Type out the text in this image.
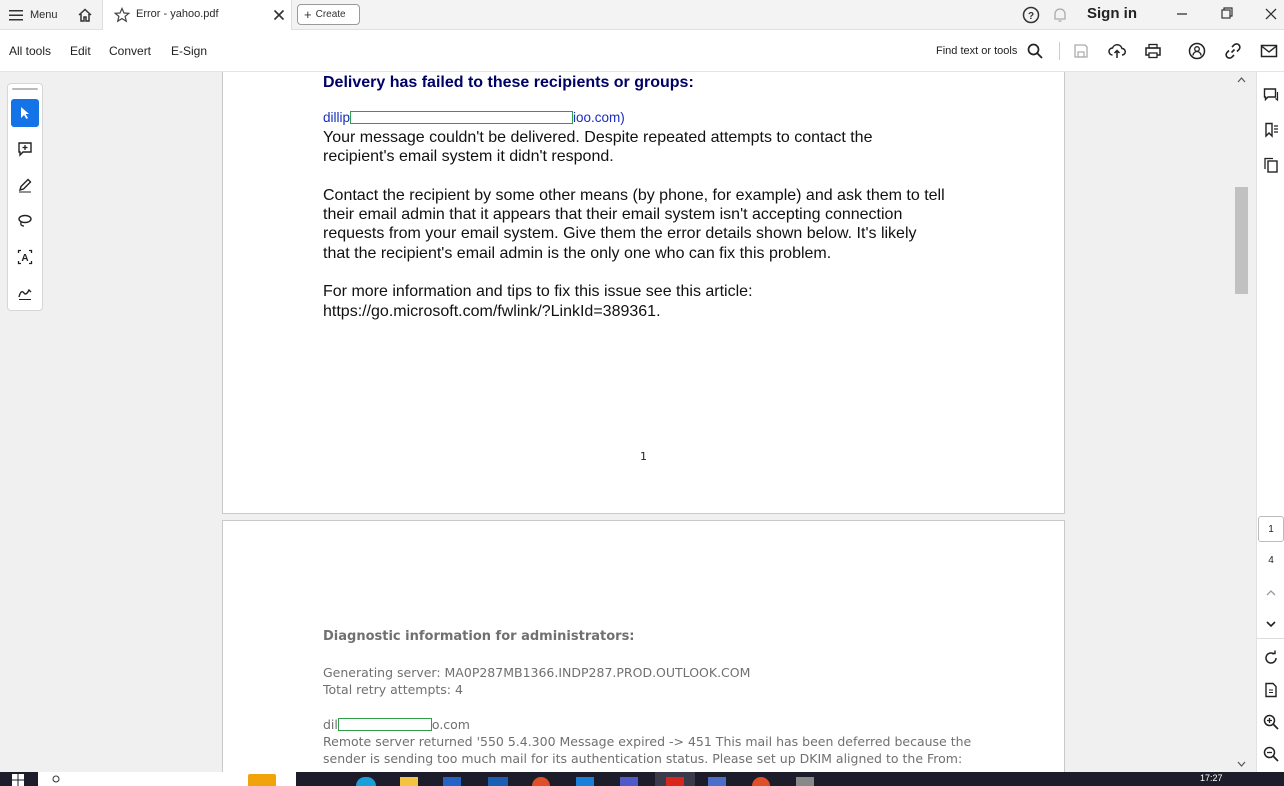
Menu	Error - yahoo.pdf	+ Create	?	Sign in
All tools Edit Convert E-Sign	Find text or tools
A
Delivery has failed to these recipients or groups:
dillip	ioo.com)
Your message couldn't be delivered. Despite repeated attempts to contact the
recipient's email system it didn't respond.
Contact the recipient by some other means (by phone, for example) and ask them to tell
their email admin that it appears that their email system isn't accepting connection
requests from your email system. Give them the error details shown below. It's likely
that the recipient's email admin is the only one who can fix this problem.
For more information and tips to fix this issue see this article:
https://go.microsoft.com/fwlink/?LinkId=389361.
1
Diagnostic information for administrators:
Generating server: MA0P287MB1366.INDP287.PROD.OUTLOOK.COM
Total retry attempts: 4
dil	o.com
Remote server returned '550 5.4.300 Message expired -> 451 This mail has been deferred because the
sender is sending too much mail for its authentication status. Please set up DKIM aligned to the From:
1
4
17:27
